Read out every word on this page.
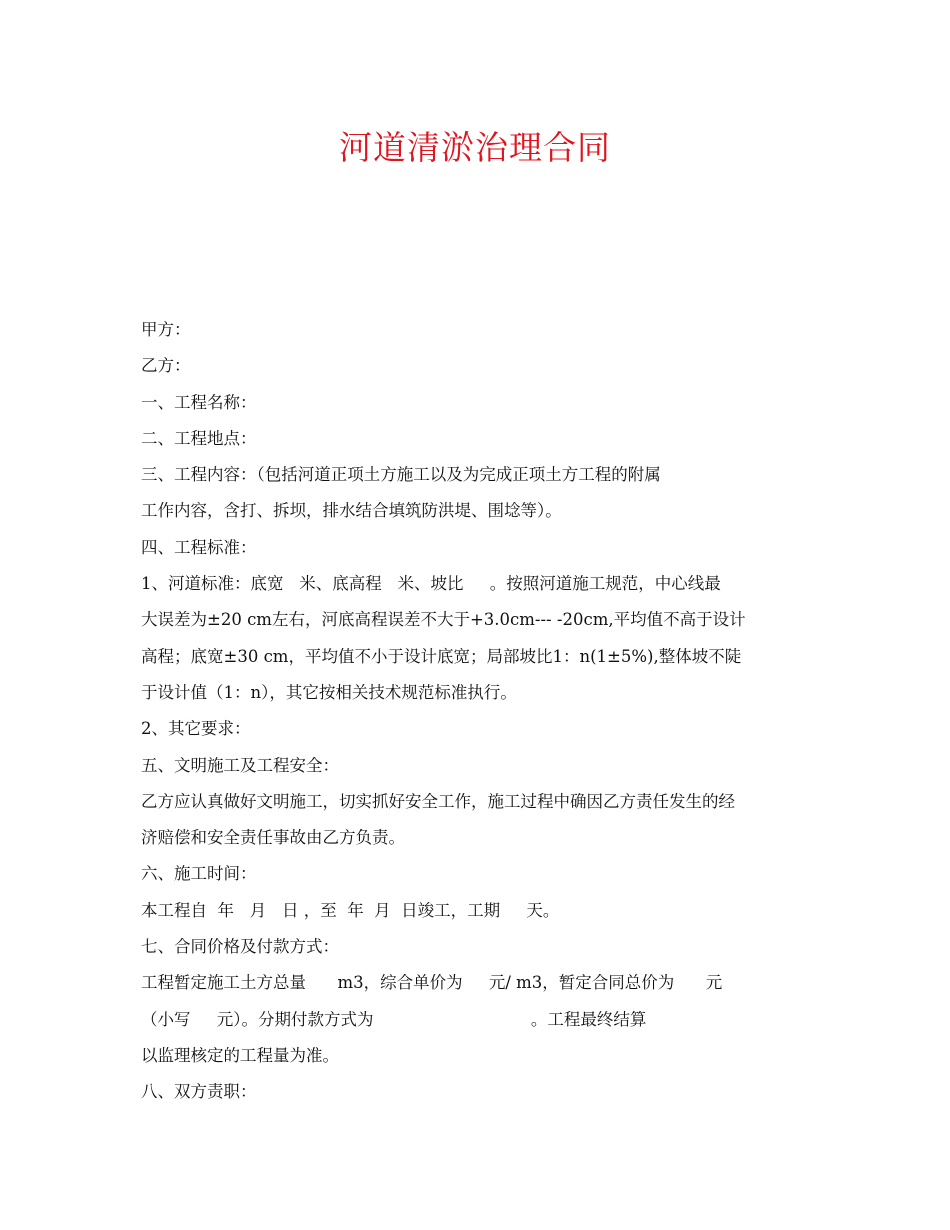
河道清淤治理合同
甲方：
乙方：
一、工程名称：
二、工程地点：
三、工程内容：（包括河道正项土方施工以及为完成正项土方工程的附属
工作内容，含打、拆坝，排水结合填筑防洪堤、围埝等）。
四、工程标准：
1、河道标准：底宽   米、底高程   米、坡比     。按照河道施工规范，中心线最
大误差为±20 cm左右，河底高程误差不大于+3.0cm--- -20cm,平均值不高于设计
高程；底宽±30 cm，平均值不小于设计底宽；局部坡比1：n(1±5%),整体坡不陡
于设计值（1：n），其它按相关技术规范标准执行。
2、其它要求：
五、文明施工及工程安全：
乙方应认真做好文明施工，切实抓好安全工作，施工过程中确因乙方责任发生的经
济赔偿和安全责任事故由乙方负责。
六、施工时间：
本工程自  年   月   日 ，至  年  月  日竣工，工期     天。
七、合同价格及付款方式：
工程暂定施工土方总量      m3，综合单价为     元/ m3，暂定合同总价为      元
（小写     元）。分期付款方式为                              。工程最终结算
以监理核定的工程量为准。
八、双方责职：
